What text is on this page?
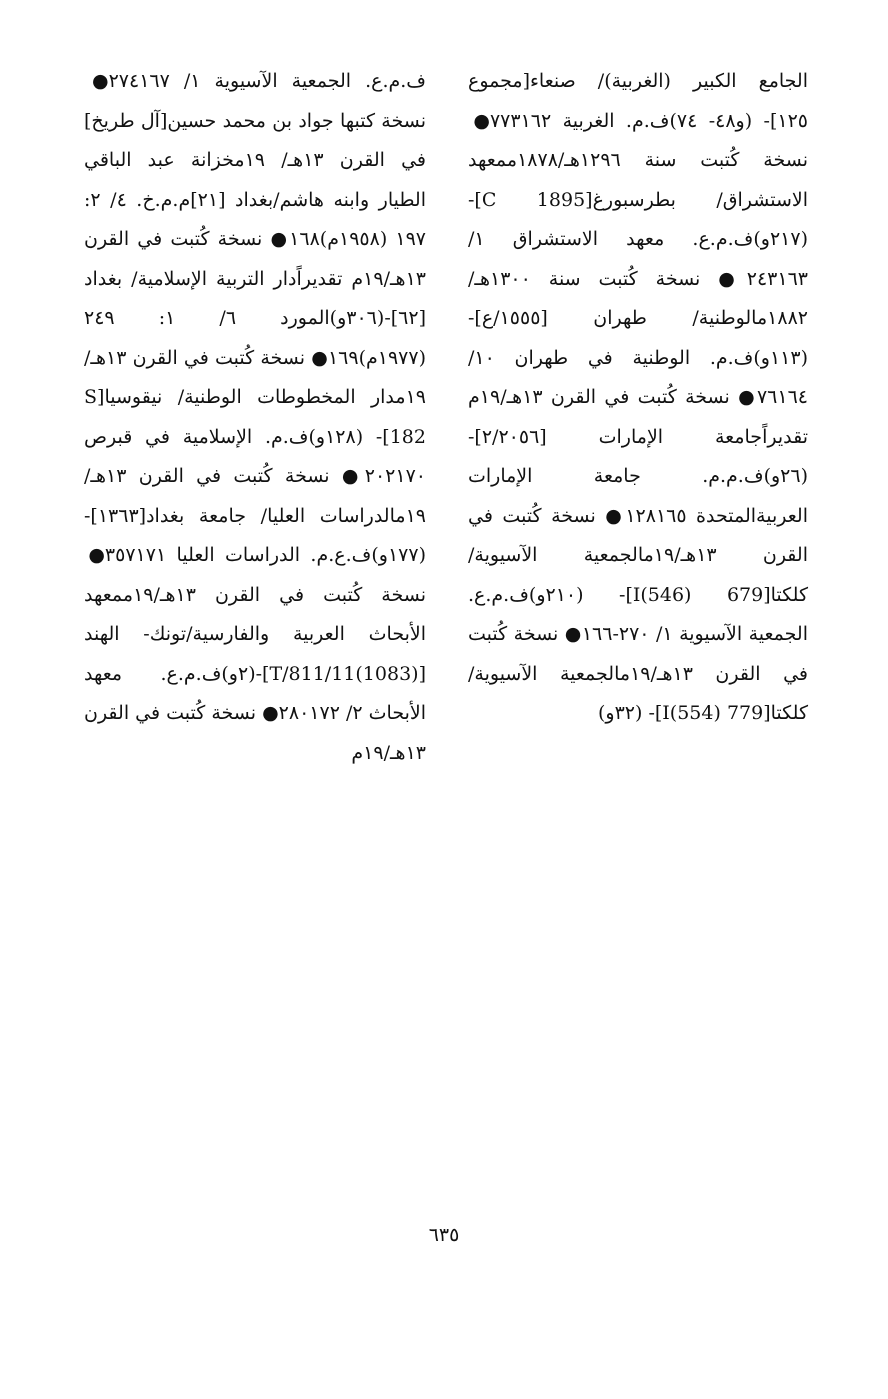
الجامع الكبير (الغربية)/ صنعاء[مجموع ١٢٥]- (و٤٨- ٧٤)ف.م. الغربية ٧٧٣١٦٢● نسخة كُتبت سنة ١٢٩٦هـ/١٨٧٨ممعهد الاستشراق/ بطرسبورغ[C 1895]- (٢١٧و)ف.م.ع. معهد الاستشراق ١/ ٢٤٣١٦٣● نسخة كُتبت سنة ١٣٠٠هـ/١٨٨٢مالوطنية/ طهران [١٥٥٥/ع]-(١١٣و)ف.م. الوطنية في طهران ١٠/ ٧٦١٦٤● نسخة كُتبت في القرن ١٣هـ/١٩م تقديراًجامعة الإمارات [٢/٢٠٥٦]-(٢٦و)ف.م.م. جامعة الإمارات العربيةالمتحدة ١٢٨١٦٥● نسخة كُتبت في القرن ١٣هـ/١٩مالجمعية الآسيوية/ كلكتا[679 I(546)]- (٢١٠و)ف.م.ع. الجمعية الآسيوية ١/ ٢٧٠-١٦٦● نسخة كُتبت في القرن ١٣هـ/١٩مالجمعية الآسيوية/ كلكتا[779 I(554)]- (٣٢و)
ف.م.ع. الجمعية الآسيوية ١/ ٢٧٤١٦٧● نسخة كتبها جواد بن محمد حسين[آل طريخ] في القرن ١٣هـ/ ١٩مخزانة عبد الباقي الطيار وابنه هاشم/بغداد [٢١]م.م.خ. ٤/ ٢: ١٩٧ (١٩٥٨م)١٦٨● نسخة كُتبت في القرن ١٣هـ/١٩م تقديراًدار التربية الإسلامية/ بغداد [٦٢]-(٣٠٦و)المورد ٦/ ١: ٢٤٩ (١٩٧٧م)١٦٩● نسخة كُتبت في القرن ١٣هـ/١٩مدار المخطوطات الوطنية/ نيقوسيا[S 182]- (١٢٨و)ف.م. الإسلامية في قبرص ٢٠٢١٧٠● نسخة كُتبت في القرن ١٣هـ/١٩مالدراسات العليا/ جامعة بغداد[١٣٦٣]- (١٧٧و)ف.ع.م. الدراسات العليا ٣٥٧١٧١● نسخة كُتبت في القرن ١٣هـ/١٩ممعهد الأبحاث العربية والفارسية/تونك- الهند [T/811/11(1083)]-(٢و)ف.م.ع. معهد الأبحاث ٢/ ٢٨٠١٧٢● نسخة كُتبت في القرن ١٣هـ/١٩م
٦٣٥
